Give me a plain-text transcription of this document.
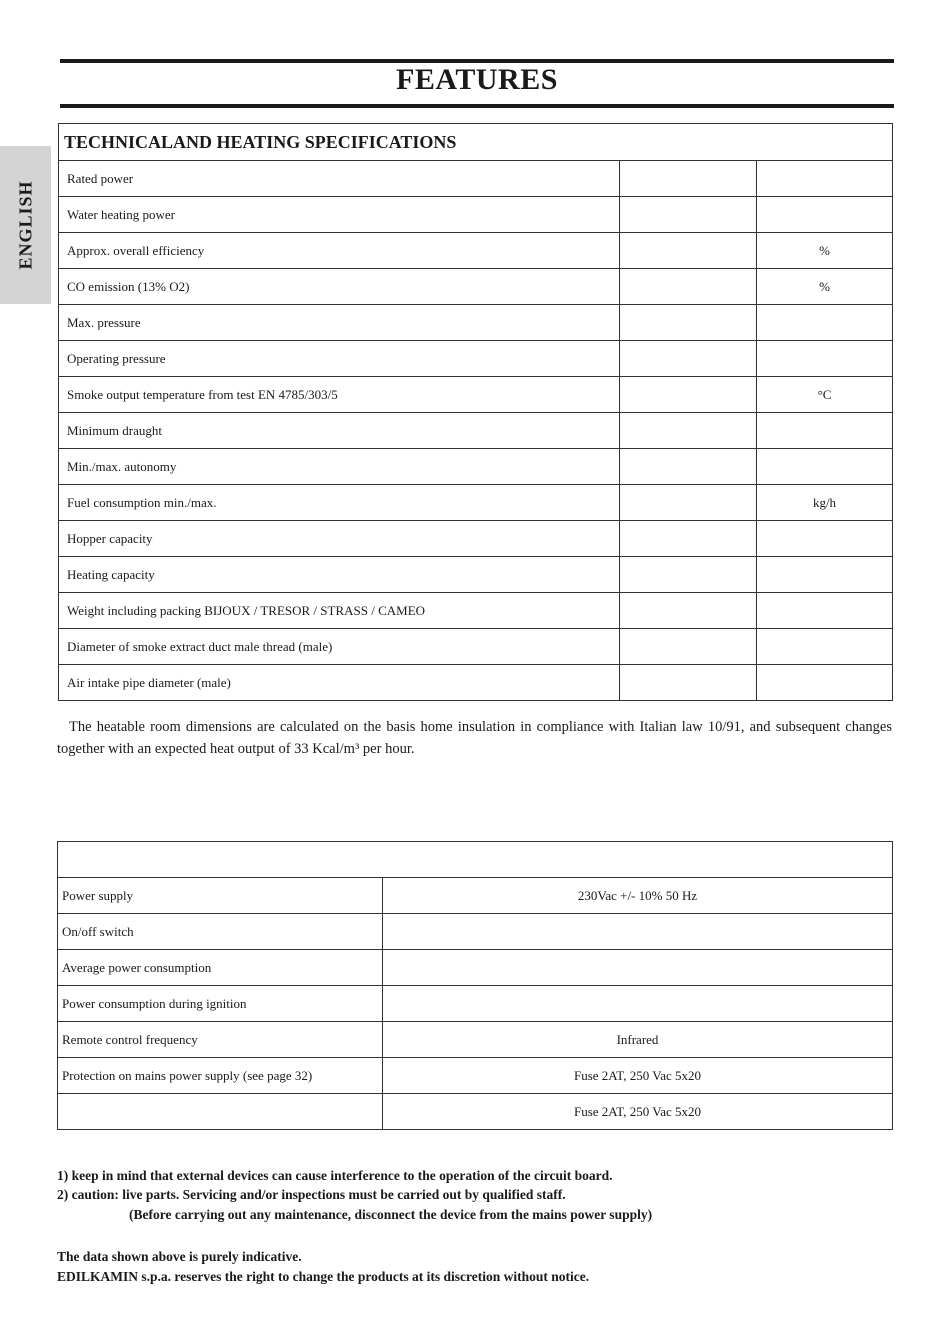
FEATURES
ENGLISH
TECHNICALAND HEATING SPECIFICATIONS		
Rated power		
Water heating power		
Approx. overall efficiency		%
CO emission (13% O2)		%
Max. pressure		
Operating pressure		
Smoke output temperature from test EN 4785/303/5		°C
Minimum draught		
Min./max. autonomy		
Fuel consumption min./max.		kg/h
Hopper capacity		
Heating capacity		
Weight including packing BIJOUX / TRESOR / STRASS / CAMEO		
Diameter of smoke extract duct male thread (male)		
Air intake pipe diameter (male)		
The heatable room dimensions are calculated on the basis home insulation in compliance with Italian law 10/91, and subsequent changes together with an expected heat output of 33 Kcal/m³ per hour.

Power supply	230Vac +/- 10% 50 Hz
On/off switch	
Average power consumption	
Power consumption during ignition	
Remote control frequency	Infrared
Protection on mains power supply (see page 32)	Fuse 2AT, 250 Vac 5x20
	Fuse 2AT, 250 Vac 5x20
1) keep in mind that external devices can cause interference to the operation of the circuit board.
2) caution: live parts. Servicing and/or inspections must be carried out by qualified staff.
(Before carrying out any maintenance, disconnect the device from the mains power supply)
The data shown above is purely indicative.
EDILKAMIN s.p.a. reserves the right to change the products at its discretion without notice.
